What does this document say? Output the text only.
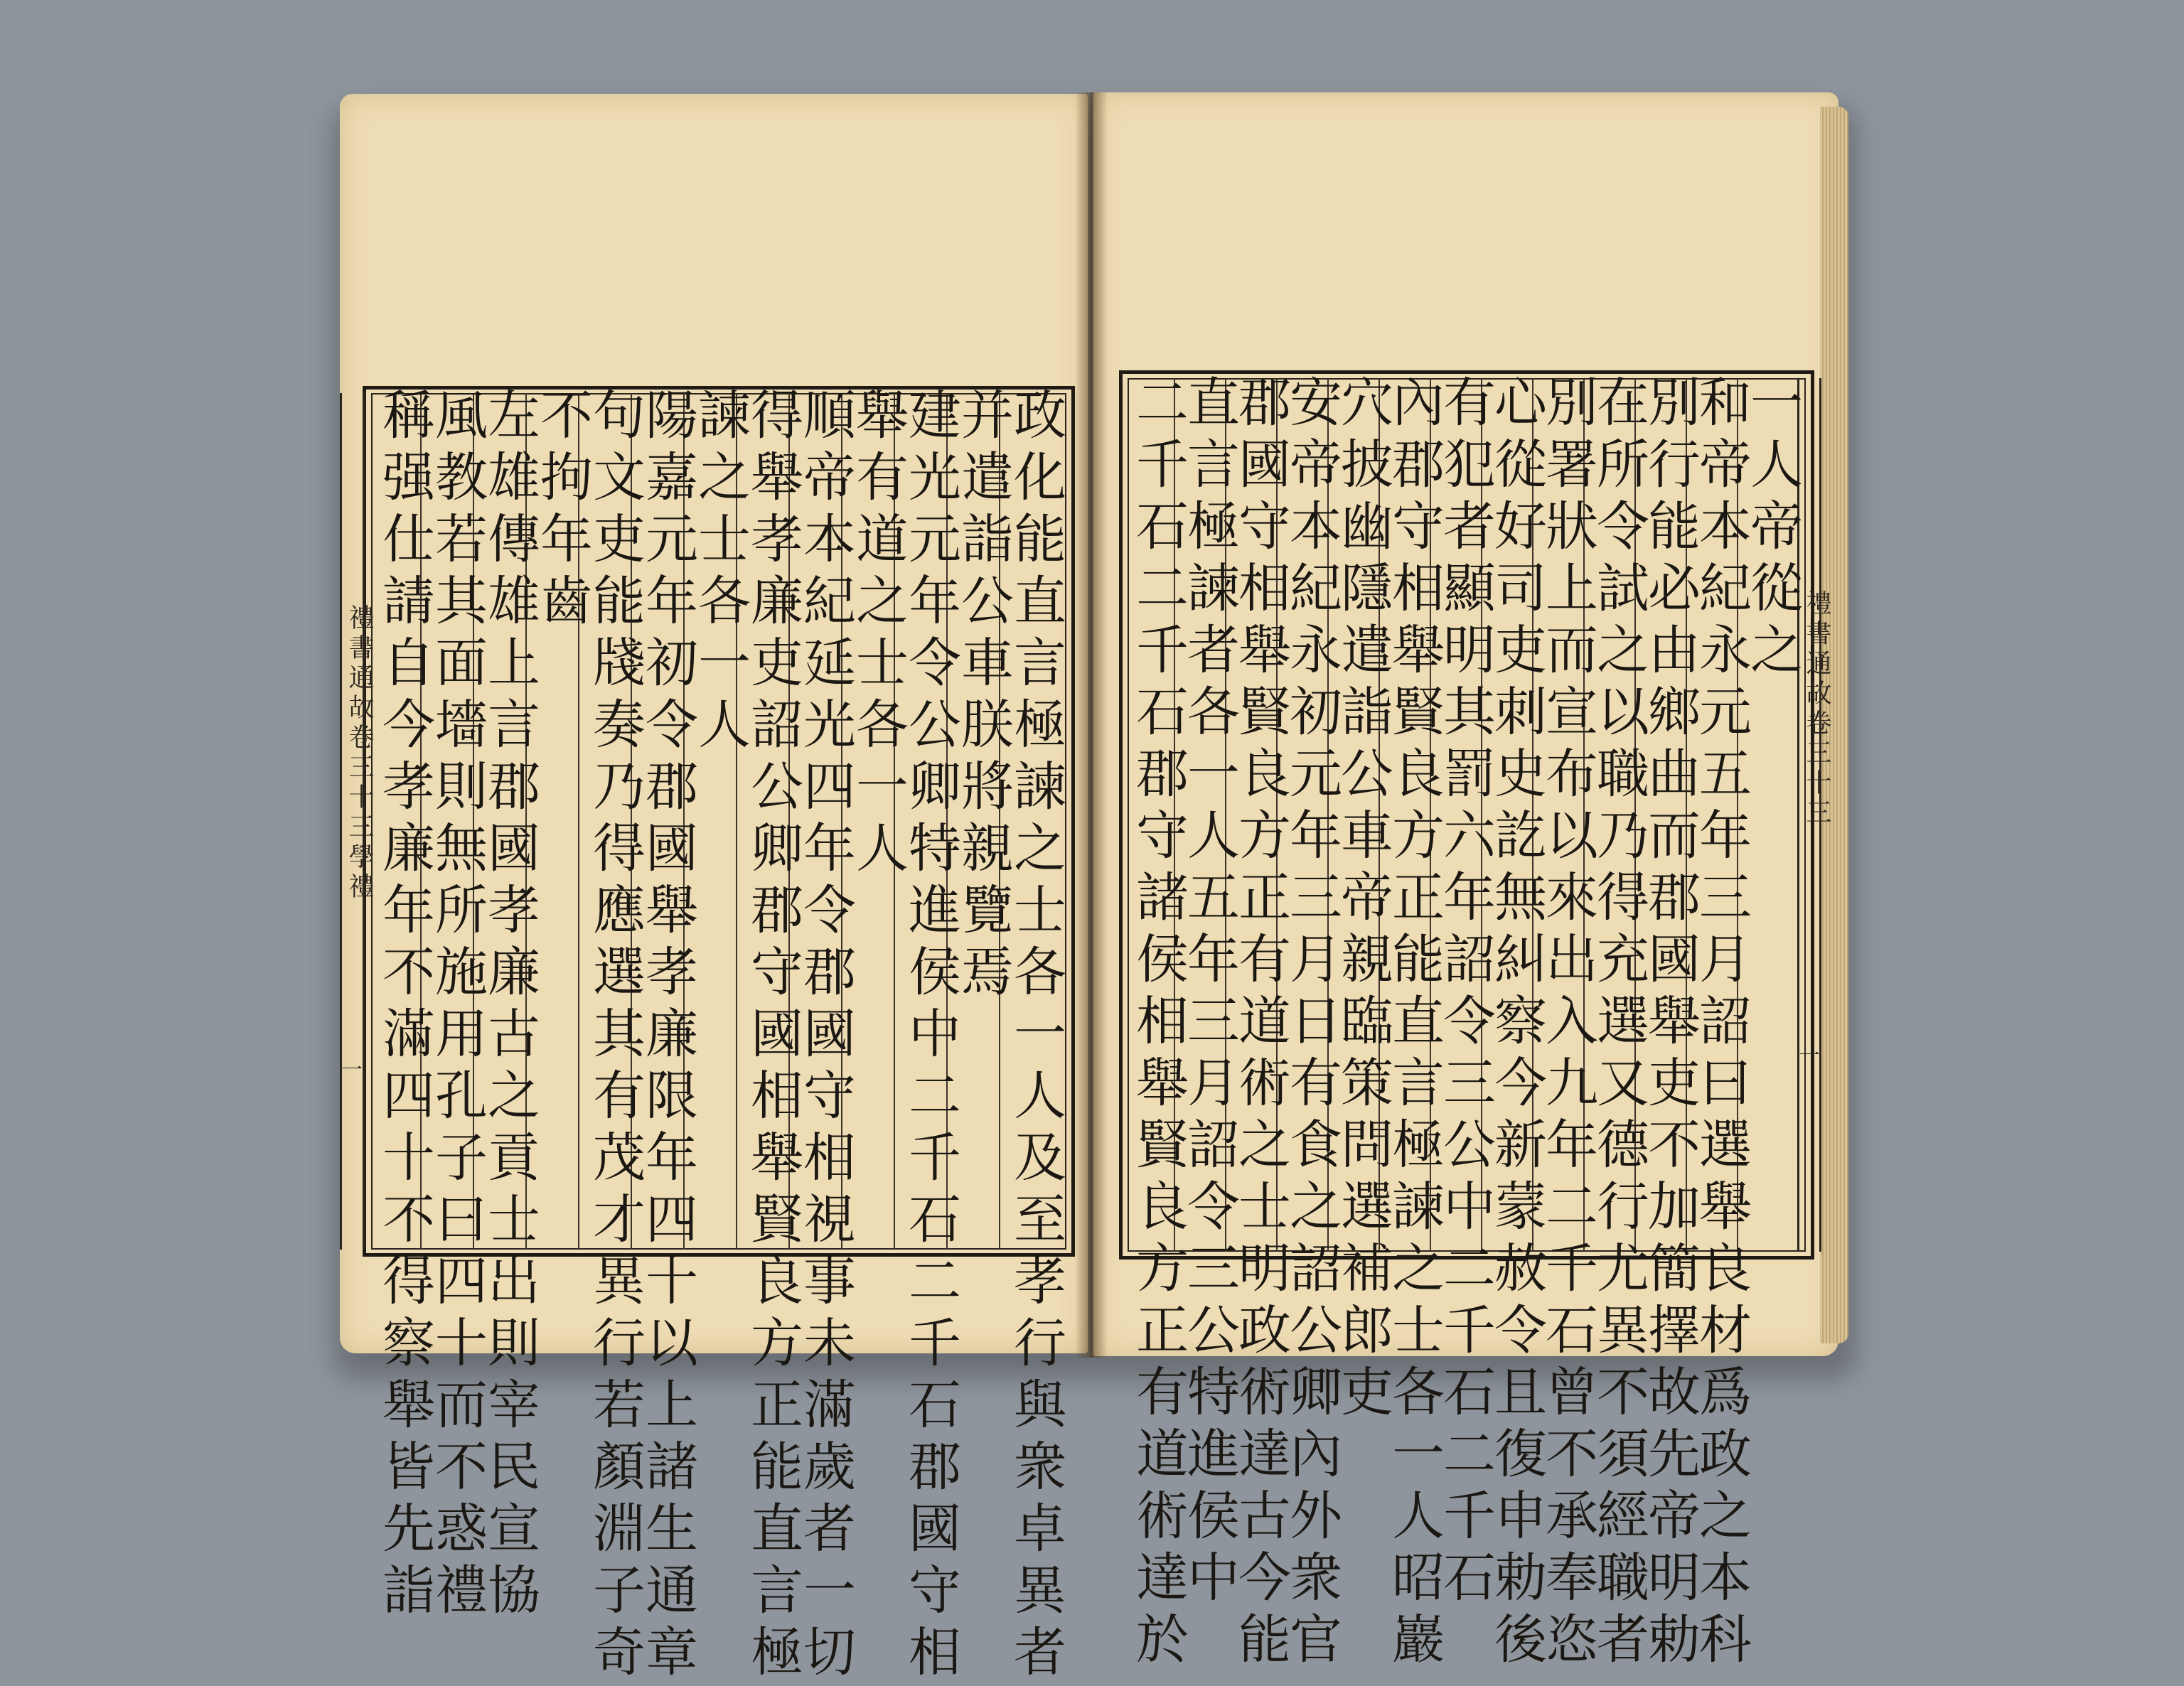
禮書通故卷三十三學禮
一	政化能直言極諫之士各一人及至孝行與衆卓異者
并遣詣公車朕將親覽焉
建光元年令公卿特進侯中二千石二千石郡國守相
舉有道之士各一人
順帝本紀延光四年令郡國守相視事未滿歲者一切
得舉孝廉吏詔公卿郡守國相舉賢良方正能直言極
諫之士各一人
陽嘉元年初令郡國舉孝廉限年四十以上諸生通章
句文吏能牋奏乃得應選其有茂才異行若顏淵子奇
不拘年齒
左雄傳雄上言郡國孝廉古之貢士出則宰民宣協
風教若其面墻則無所施用孔子曰四十而不惑禮
稱强仕請自今孝廉年不滿四十不得察舉皆先詣	禮書通故卷三十三
一
一人帝從之
和帝本紀永元五年三月詔曰選舉良材爲政之本科
別行能必由鄉曲而郡國舉吏不加簡擇故先帝明勅
在所令試之以職乃得充選又德行尤異不須經職者
別署狀上而宣布以來出入九年二千石曾不承奉恣
心從好司吏刺史訖無糾察今新蒙赦令且復申勅後
有犯者顯明其罰六年詔令三公中二千石二千石
內郡守相舉賢良方正能直言極諫之士各一人昭巖
穴披幽隱遣詣公車帝親臨策問選補郎吏
安帝本紀永初元年三月日有食之詔公卿內外衆官
郡國守相舉賢良方正有道術之士明政術達古今能
直言極諫者各一人五年三月詔令三公特進侯中
二千石二千石郡守諸侯相舉賢良方正有道術達於
